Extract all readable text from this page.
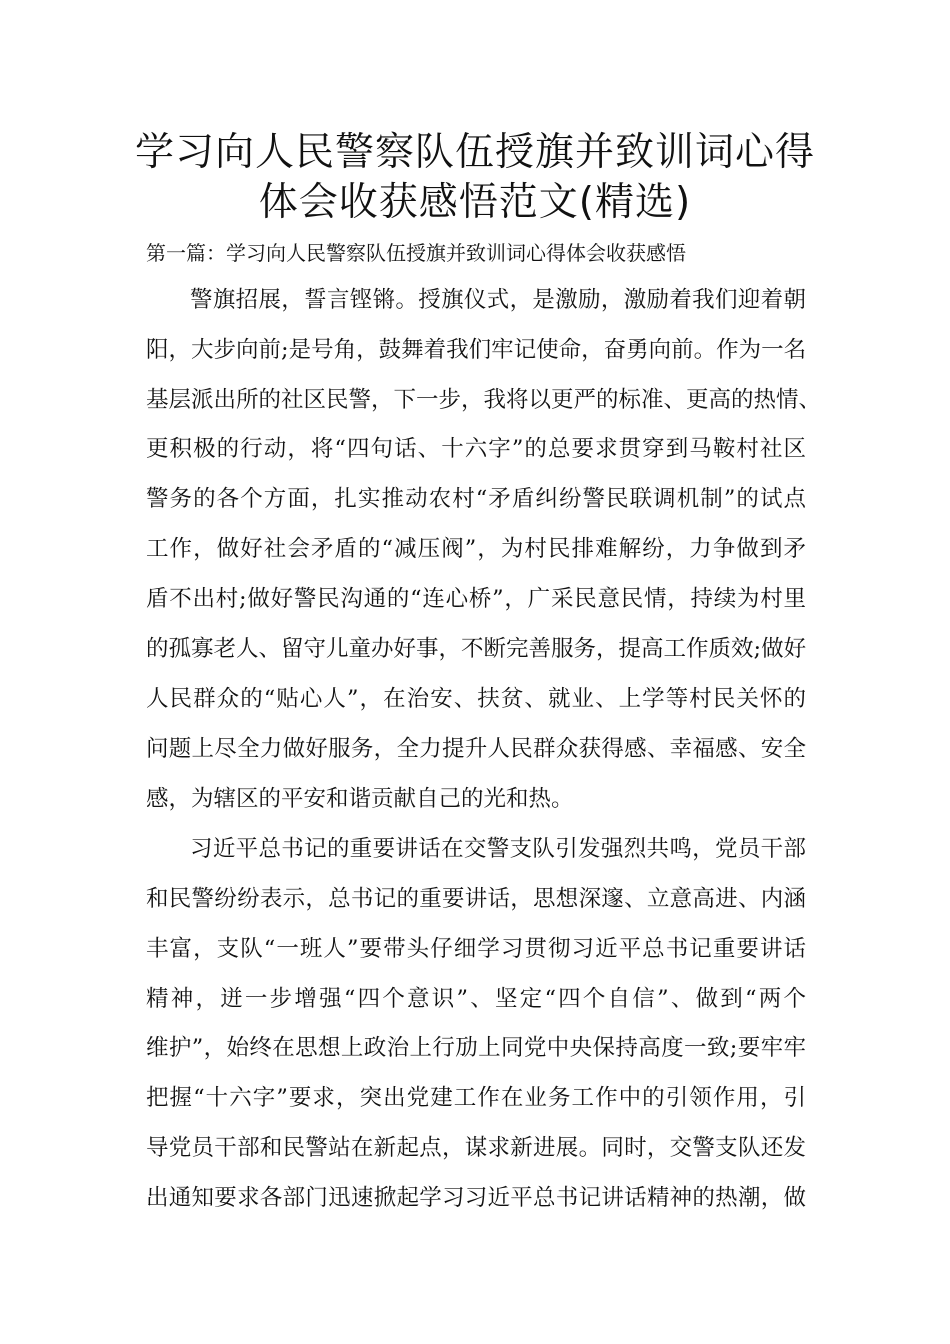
学习向人民警察队伍授旗并致训词心得
体会收获感悟范文(精选)
第一篇：学习向人民警察队伍授旗并致训词心得体会收获感悟
警旗招展，誓言铿锵。授旗仪式，是激励，激励着我们迎着朝
阳，大步向前;是号角，鼓舞着我们牢记使命，奋勇向前。作为一名
基层派出所的社区民警，下一步，我将以更严的标准、更高的热情、
更积极的行动，将“四句话、十六字”的总要求贯穿到马鞍村社区
警务的各个方面，扎实推动农村“矛盾纠纷警民联调机制”的试点
工作，做好社会矛盾的“减压阀”，为村民排难解纷，力争做到矛
盾不出村;做好警民沟通的“连心桥”，广采民意民情，持续为村里
的孤寡老人、留守儿童办好事，不断完善服务，提高工作质效;做好
人民群众的“贴心人”，在治安、扶贫、就业、上学等村民关怀的
问题上尽全力做好服务，全力提升人民群众获得感、幸福感、安全
感，为辖区的平安和谐贡献自己的光和热。
习近平总书记的重要讲话在交警支队引发强烈共鸣，党员干部
和民警纷纷表示，总书记的重要讲话，思想深邃、立意高进、内涵
丰富，支队“一班人”要带头仔细学习贯彻习近平总书记重要讲话
精神，迸一步增强“四个意识”、坚定“四个自信”、做到“两个
维护”，始终在思想上政治上行劢上同党中央保持高度一致;要牢牢
把握“十六字”要求，突出党建工作在业务工作中的引领作用，引
导党员干部和民警站在新起点，谋求新进展。同时，交警支队还发
出通知要求各部门迅速掀起学习习近平总书记讲话精神的热潮，做
